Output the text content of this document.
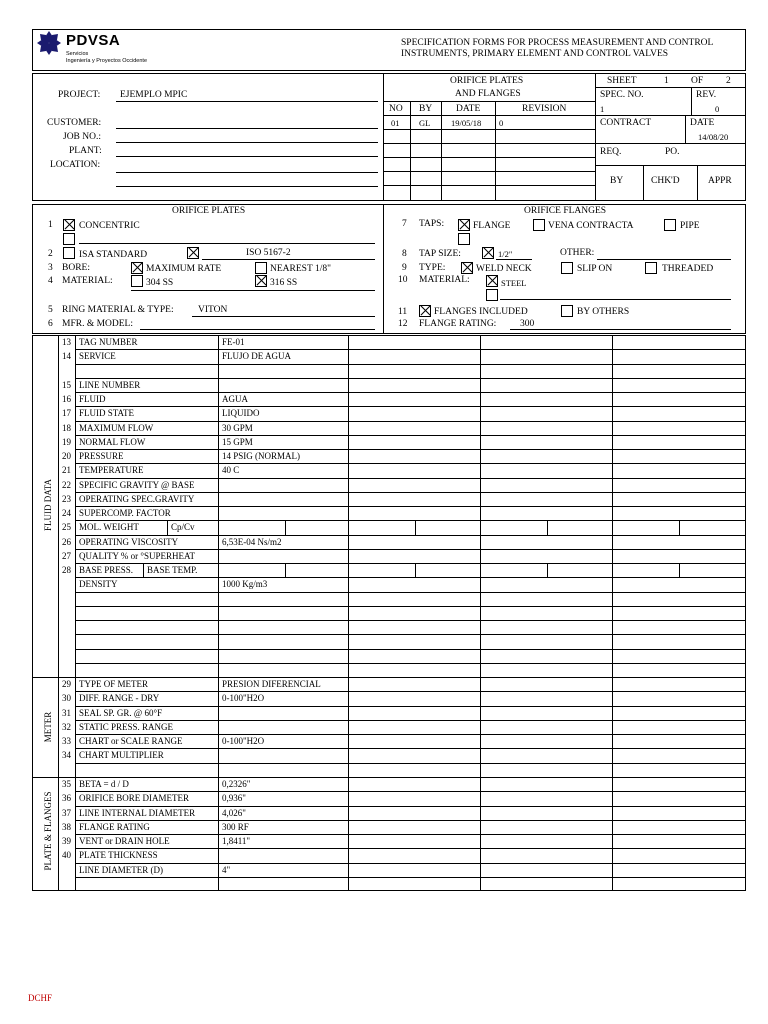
PDVSA
Servicios
Ingeniería y Proyectos Occidente
SPECIFICATION FORMS FOR PROCESS MEASUREMENT AND CONTROL
INSTRUMENTS, PRIMARY ELEMENT AND CONTROL VALVES
PROJECT: EJEMPLO MPIC
CUSTOMER:
JOB NO.:
PLANT:
LOCATION:
ORIFICE PLATES
AND FLANGES
NO BY	DATE	REVISION
01 GL 19/05/18 0
SHEET	1 OF 2
SPEC. NO.	REV.
1	0
CONTRACT	DATE
14/08/20
REQ.	PO.
BY	CHK'D	APPR
ORIFICE PLATES	ORIFICE FLANGES
1	CONCENTRIC
2	ISA STANDARD	ISO 5167-2
3 BORE:	MAXIMUM RATE	NEAREST 1/8"
4 MATERIAL:	304 SS	316 SS
5 RING MATERIAL & TYPE:	VITON
6 MFR. & MODEL:
7 TAPS:	FLANGE	VENA CONTRACTA	PIPE
8 TAP SIZE:	1/2"	OTHER:
9 TYPE:	WELD NECK	SLIP ON	THREADED
10 MATERIAL:	STEEL
11	FLANGES INCLUDED	BY OTHERS
12 FLANGE RATING: 300
13 TAG NUMBER	FE-01
14 SERVICE	FLUJO DE AGUA
15 LINE NUMBER
16 FLUID	AGUA
17 FLUID STATE	LIQUIDO
18 MAXIMUM FLOW	30 GPM
19 NORMAL FLOW	15 GPM
20 PRESSURE	14 PSIG (NORMAL)
21 TEMPERATURE	40 C
22 SPECIFIC GRAVITY @ BASE
23 OPERATING SPEC.GRAVITY
24 SUPERCOMP. FACTOR
25 MOL. WEIGHT	Cp/Cv
26 OPERATING VISCOSITY	6,53E-04 Ns/m2
27 QUALITY % or °SUPERHEAT
28 BASE PRESS. BASE TEMP.
DENSITY	1000 Kg/m3
29 TYPE OF METER	PRESION DIFERENCIAL
30 DIFF. RANGE - DRY	0-100"H2O
31 SEAL SP. GR. @ 60°F
32 STATIC PRESS. RANGE
33 CHART or SCALE RANGE	0-100"H2O
34 CHART MULTIPLIER
35 BETA = d / D	0,2326"
36 ORIFICE BORE DIAMETER	0,936"
37 LINE INTERNAL DIAMETER	4,026"
38 FLANGE RATING	300 RF
39 VENT or DRAIN HOLE	1,8411"
40 PLATE THICKNESS
LINE DIAMETER (D)	4"
FLUID DATA
METER
PLATE & FLANGES
DCHF
